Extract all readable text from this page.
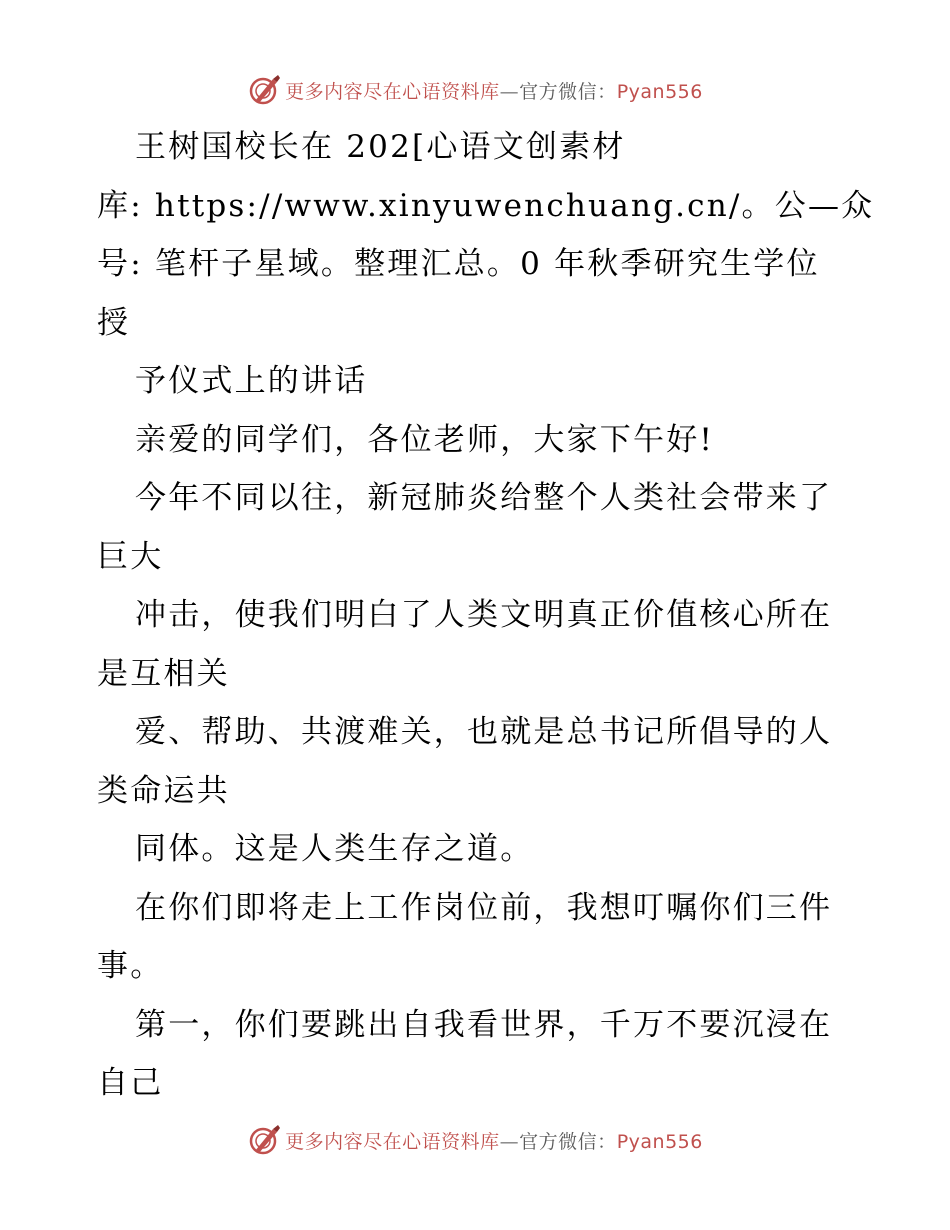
更多内容尽在心语资料库—官方微信：Pyan556
王树国校长在 202[心语文创素材
库: https://www.xinyuwenchuang.cn/。公—众
号: 笔杆子星域。整理汇总。0 年秋季研究生学位
授
予仪式上的讲话
亲爱的同学们，各位老师，大家下午好!
今年不同以往，新冠肺炎给整个人类社会带来了
巨大
冲击，使我们明白了人类文明真正价值核心所在
是互相关
爱、帮助、共渡难关，也就是总书记所倡导的人
类命运共
同体。这是人类生存之道。
在你们即将走上工作岗位前，我想叮嘱你们三件
事。
第一，你们要跳出自我看世界，千万不要沉浸在
自己
更多内容尽在心语资料库—官方微信：Pyan556
